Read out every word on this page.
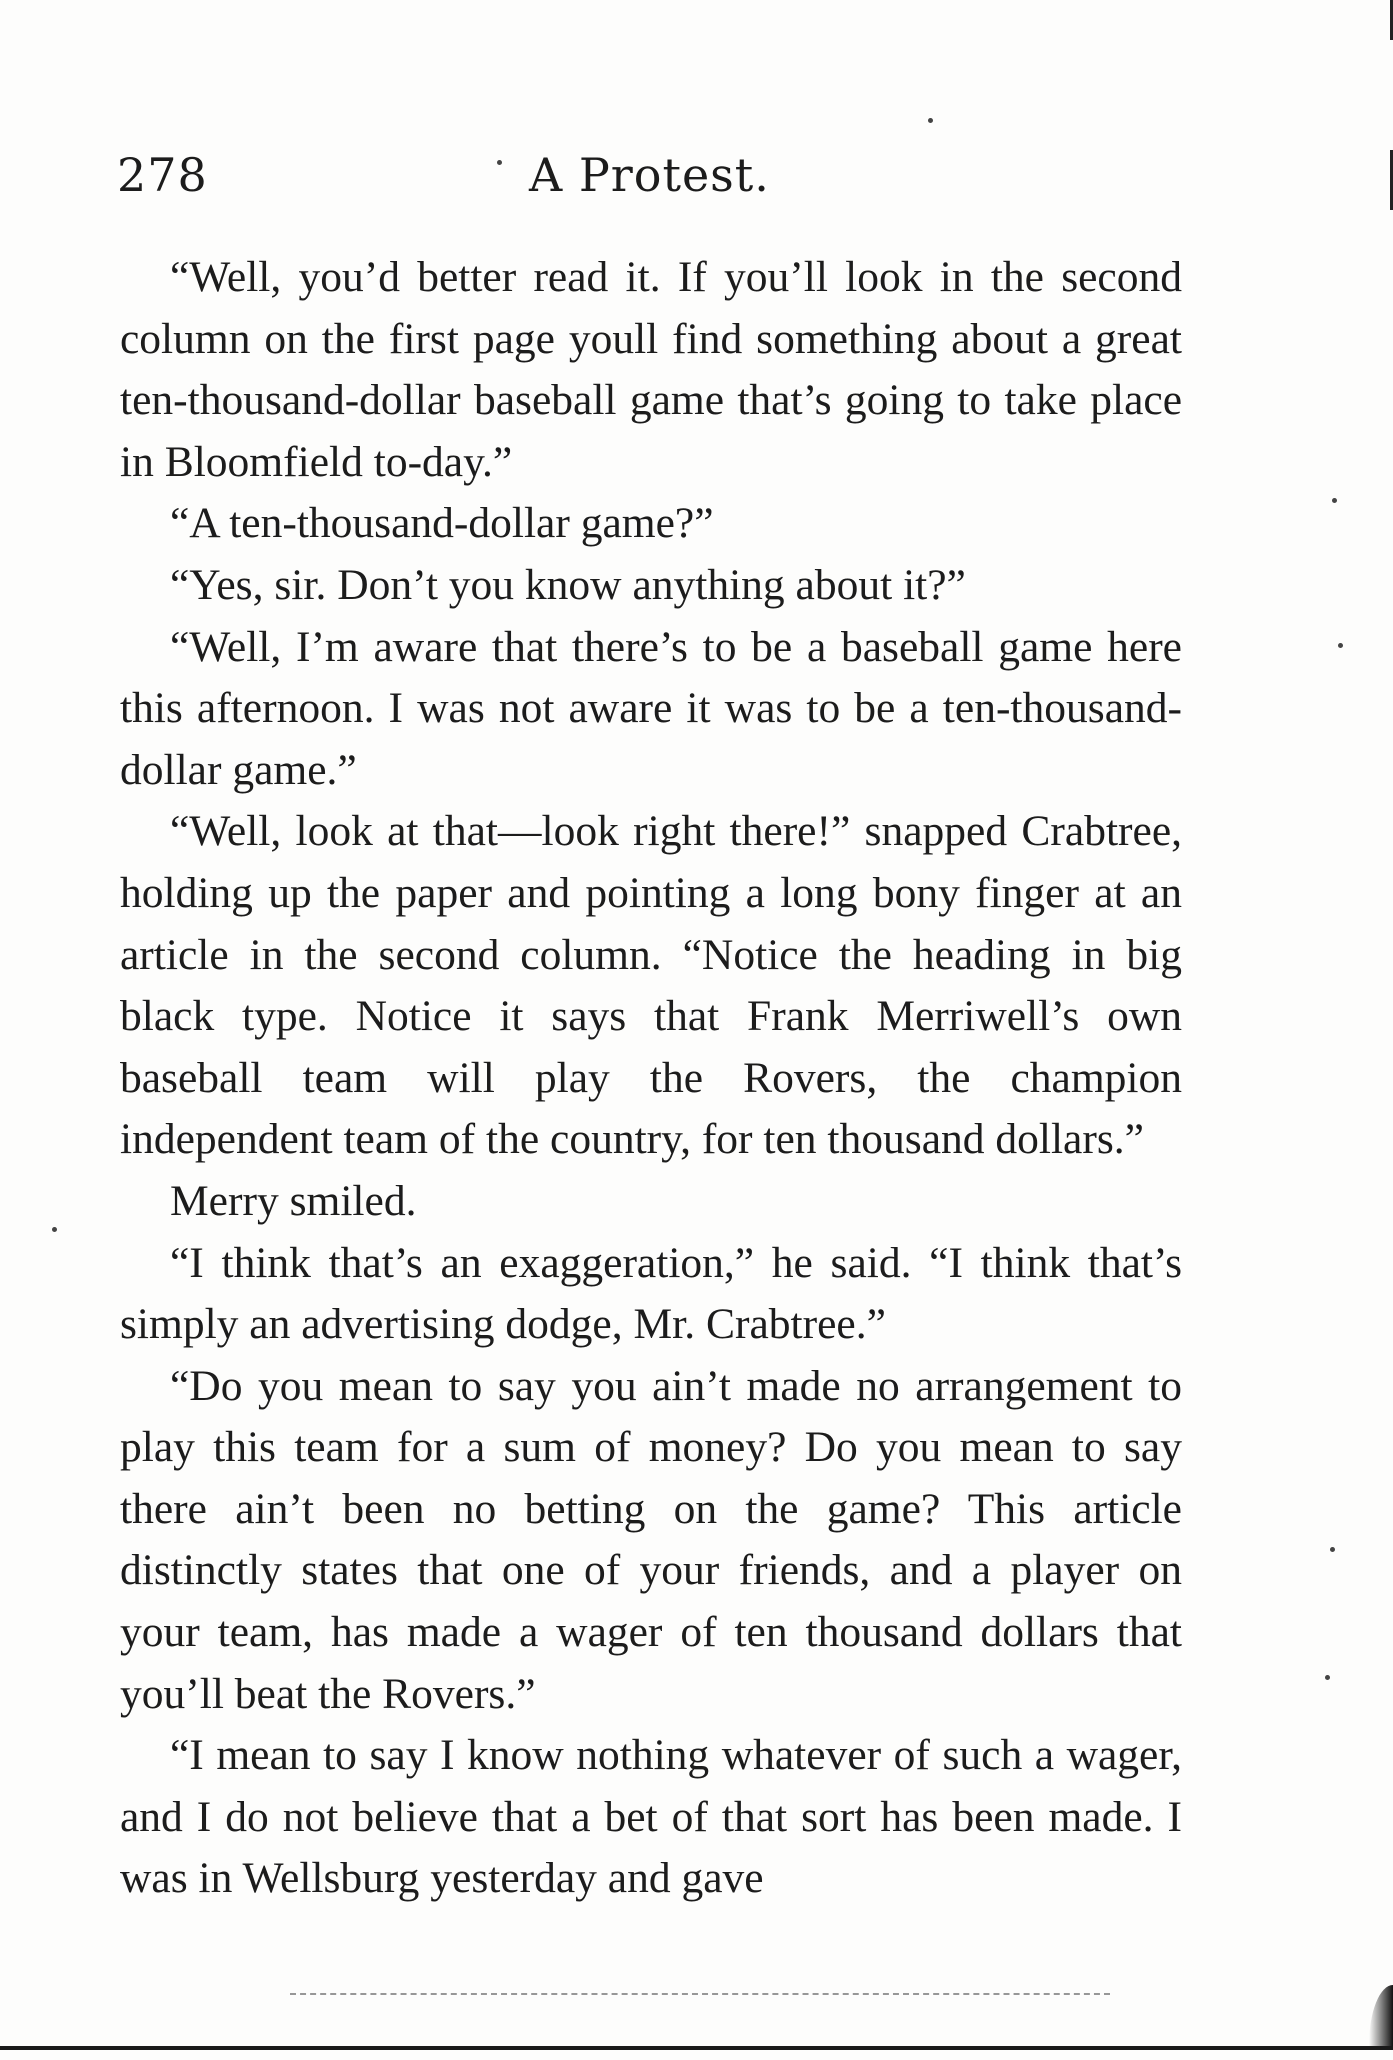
278	A Protest.

“Well, you’d better read it. If you’ll look in the second column on the first page youll find something about a great ten-thousand-dollar baseball game that’s going to take place in Bloomfield to-day.”

“A ten-thousand-dollar game?”

“Yes, sir. Don’t you know anything about it?”

“Well, I’m aware that there’s to be a baseball game here this afternoon. I was not aware it was to be a ten-thousand-dollar game.”

“Well, look at that—look right there!” snapped Crabtree, holding up the paper and pointing a long bony finger at an article in the second column. “Notice the heading in big black type. Notice it says that Frank Merriwell’s own baseball team will play the Rovers, the champion independent team of the country, for ten thousand dollars.”

Merry smiled.

“I think that’s an exaggeration,” he said. “I think that’s simply an advertising dodge, Mr. Crabtree.”

“Do you mean to say you ain’t made no arrangement to play this team for a sum of money? Do you mean to say there ain’t been no betting on the game? This article distinctly states that one of your friends, and a player on your team, has made a wager of ten thousand dollars that you’ll beat the Rovers.”

“I mean to say I know nothing whatever of such a wager, and I do not believe that a bet of that sort has been made. I was in Wellsburg yesterday and gave
